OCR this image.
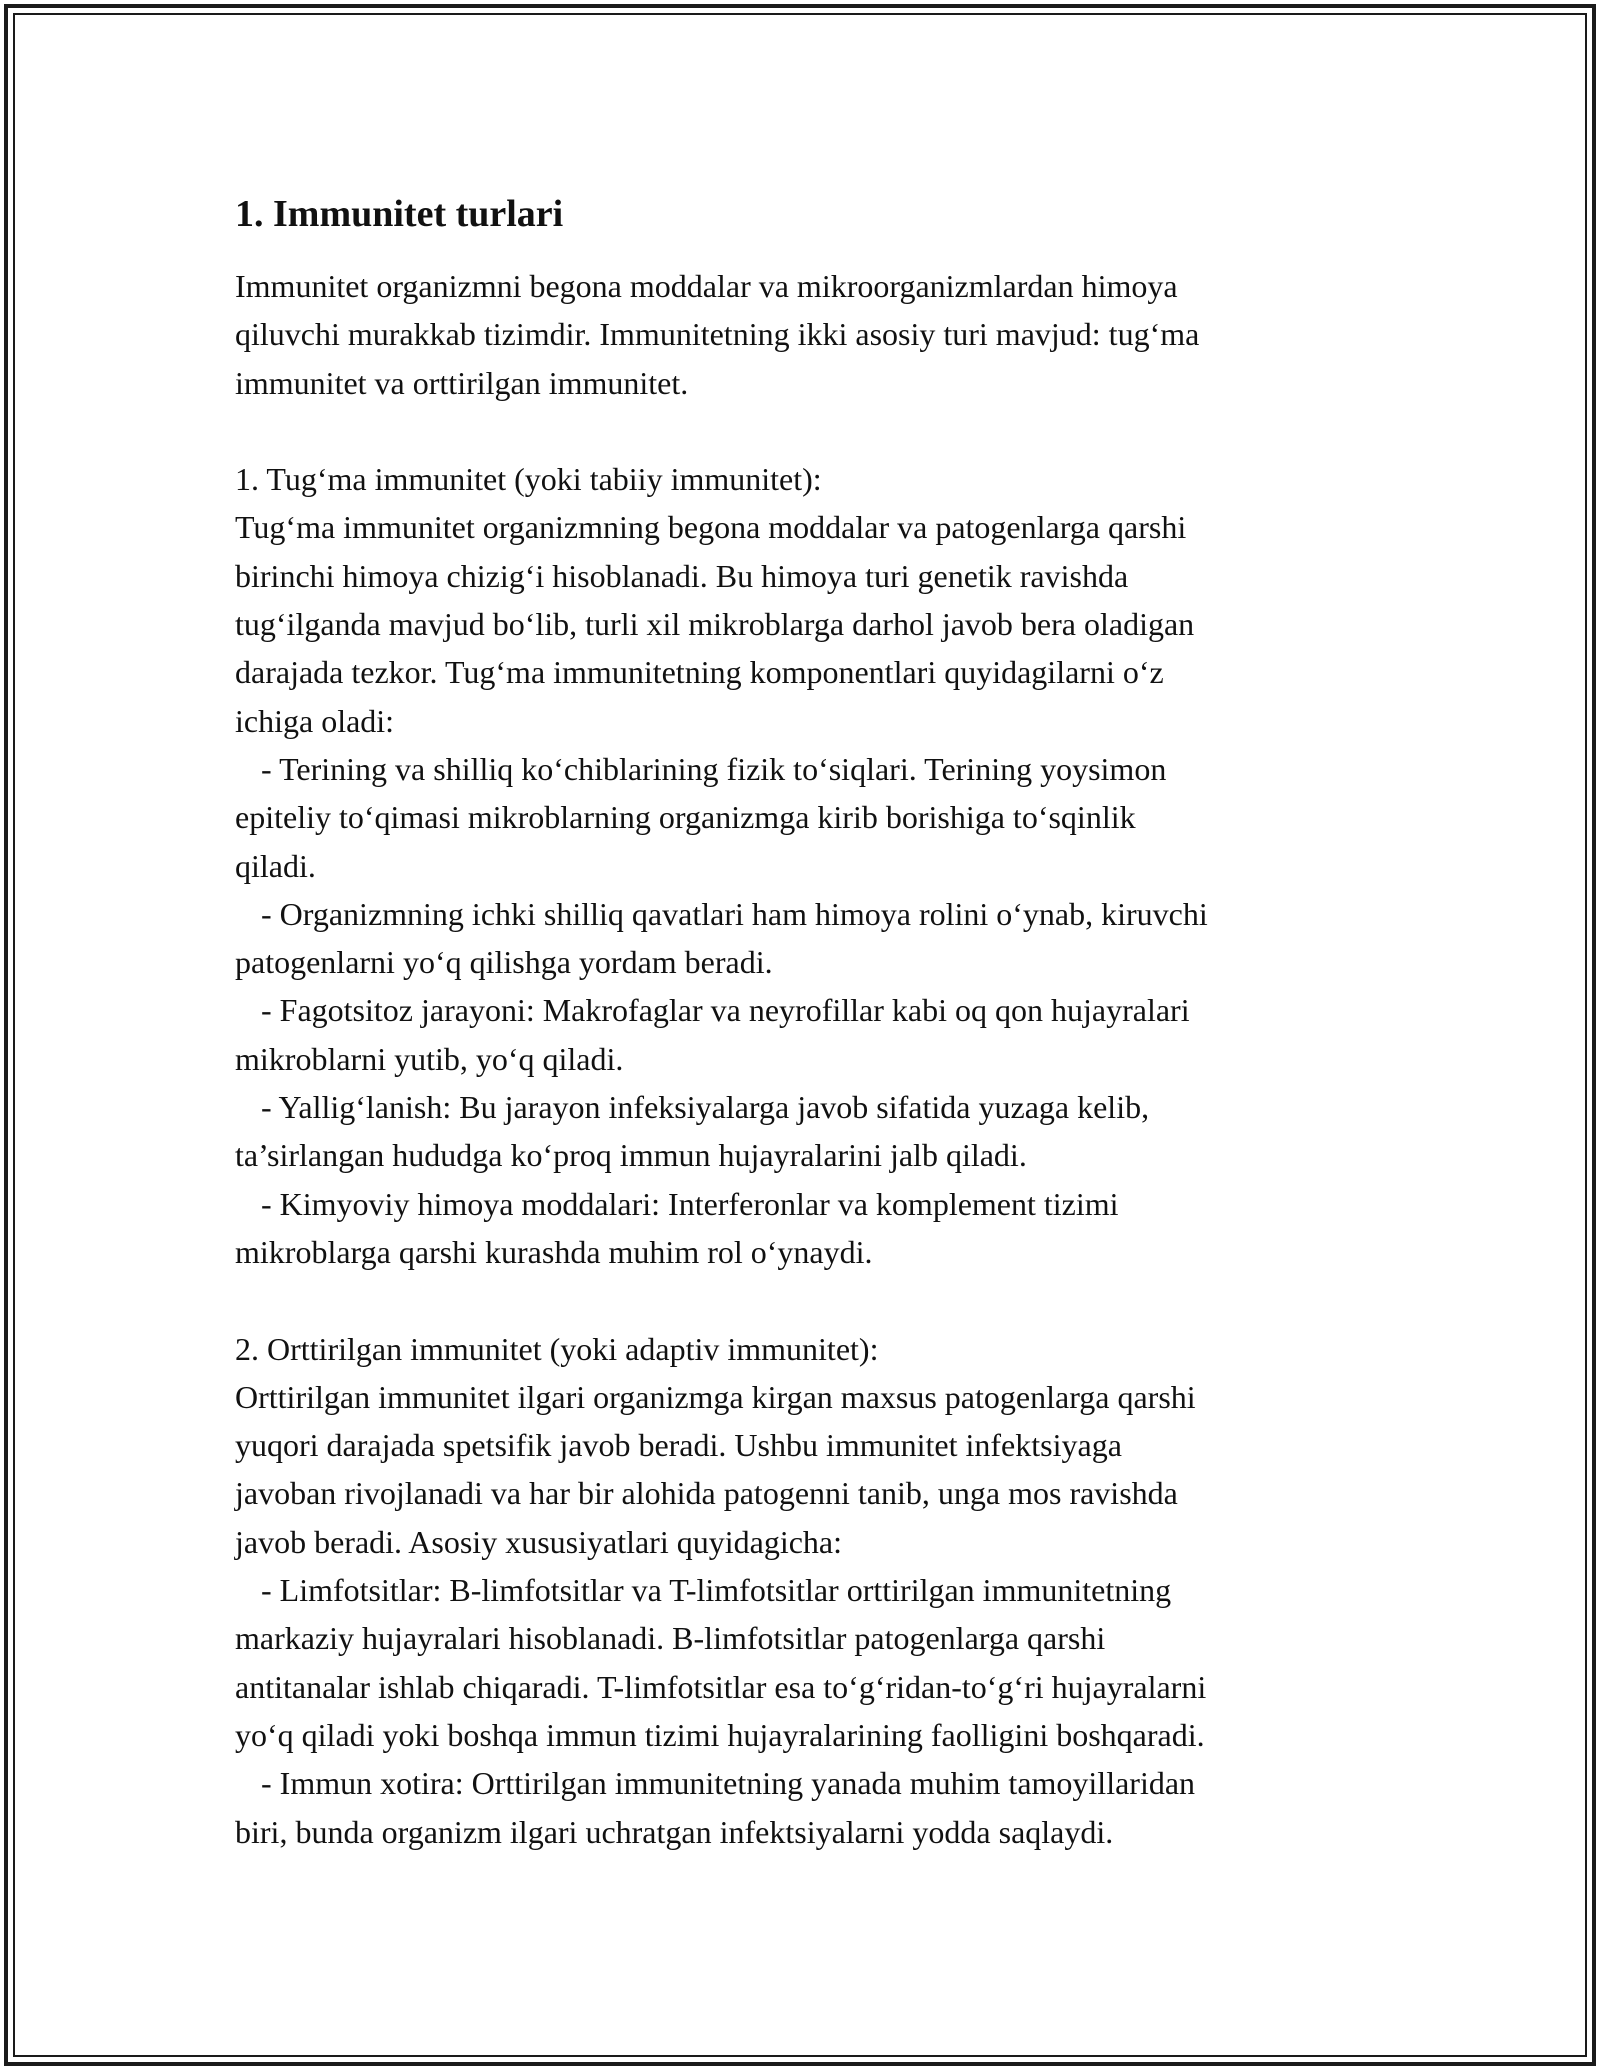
1. Immunitet turlari
Immunitet organizmni begona moddalar va mikroorganizmlardan himoya
qiluvchi murakkab tizimdir. Immunitetning ikki asosiy turi mavjud: tug‘ma
immunitet va orttirilgan immunitet.
1. Tug‘ma immunitet (yoki tabiiy immunitet):
Tug‘ma immunitet organizmning begona moddalar va patogenlarga qarshi
birinchi himoya chizig‘i hisoblanadi. Bu himoya turi genetik ravishda
tug‘ilganda mavjud bo‘lib, turli xil mikroblarga darhol javob bera oladigan
darajada tezkor. Tug‘ma immunitetning komponentlari quyidagilarni o‘z
ichiga oladi:
- Terining va shilliq ko‘chiblarining fizik to‘siqlari. Terining yoysimon
epiteliy to‘qimasi mikroblarning organizmga kirib borishiga to‘sqinlik
qiladi.
- Organizmning ichki shilliq qavatlari ham himoya rolini o‘ynab, kiruvchi
patogenlarni yo‘q qilishga yordam beradi.
- Fagotsitoz jarayoni: Makrofaglar va neyrofillar kabi oq qon hujayralari
mikroblarni yutib, yo‘q qiladi.
- Yallig‘lanish: Bu jarayon infeksiyalarga javob sifatida yuzaga kelib,
ta’sirlangan hududga ko‘proq immun hujayralarini jalb qiladi.
- Kimyoviy himoya moddalari: Interferonlar va komplement tizimi
mikroblarga qarshi kurashda muhim rol o‘ynaydi.
2. Orttirilgan immunitet (yoki adaptiv immunitet):
Orttirilgan immunitet ilgari organizmga kirgan maxsus patogenlarga qarshi
yuqori darajada spetsifik javob beradi. Ushbu immunitet infektsiyaga
javoban rivojlanadi va har bir alohida patogenni tanib, unga mos ravishda
javob beradi. Asosiy xususiyatlari quyidagicha:
- Limfotsitlar: B-limfotsitlar va T-limfotsitlar orttirilgan immunitetning
markaziy hujayralari hisoblanadi. B-limfotsitlar patogenlarga qarshi
antitanalar ishlab chiqaradi. T-limfotsitlar esa to‘g‘ridan-to‘g‘ri hujayralarni
yo‘q qiladi yoki boshqa immun tizimi hujayralarining faolligini boshqaradi.
- Immun xotira: Orttirilgan immunitetning yanada muhim tamoyillaridan
biri, bunda organizm ilgari uchratgan infektsiyalarni yodda saqlaydi.
